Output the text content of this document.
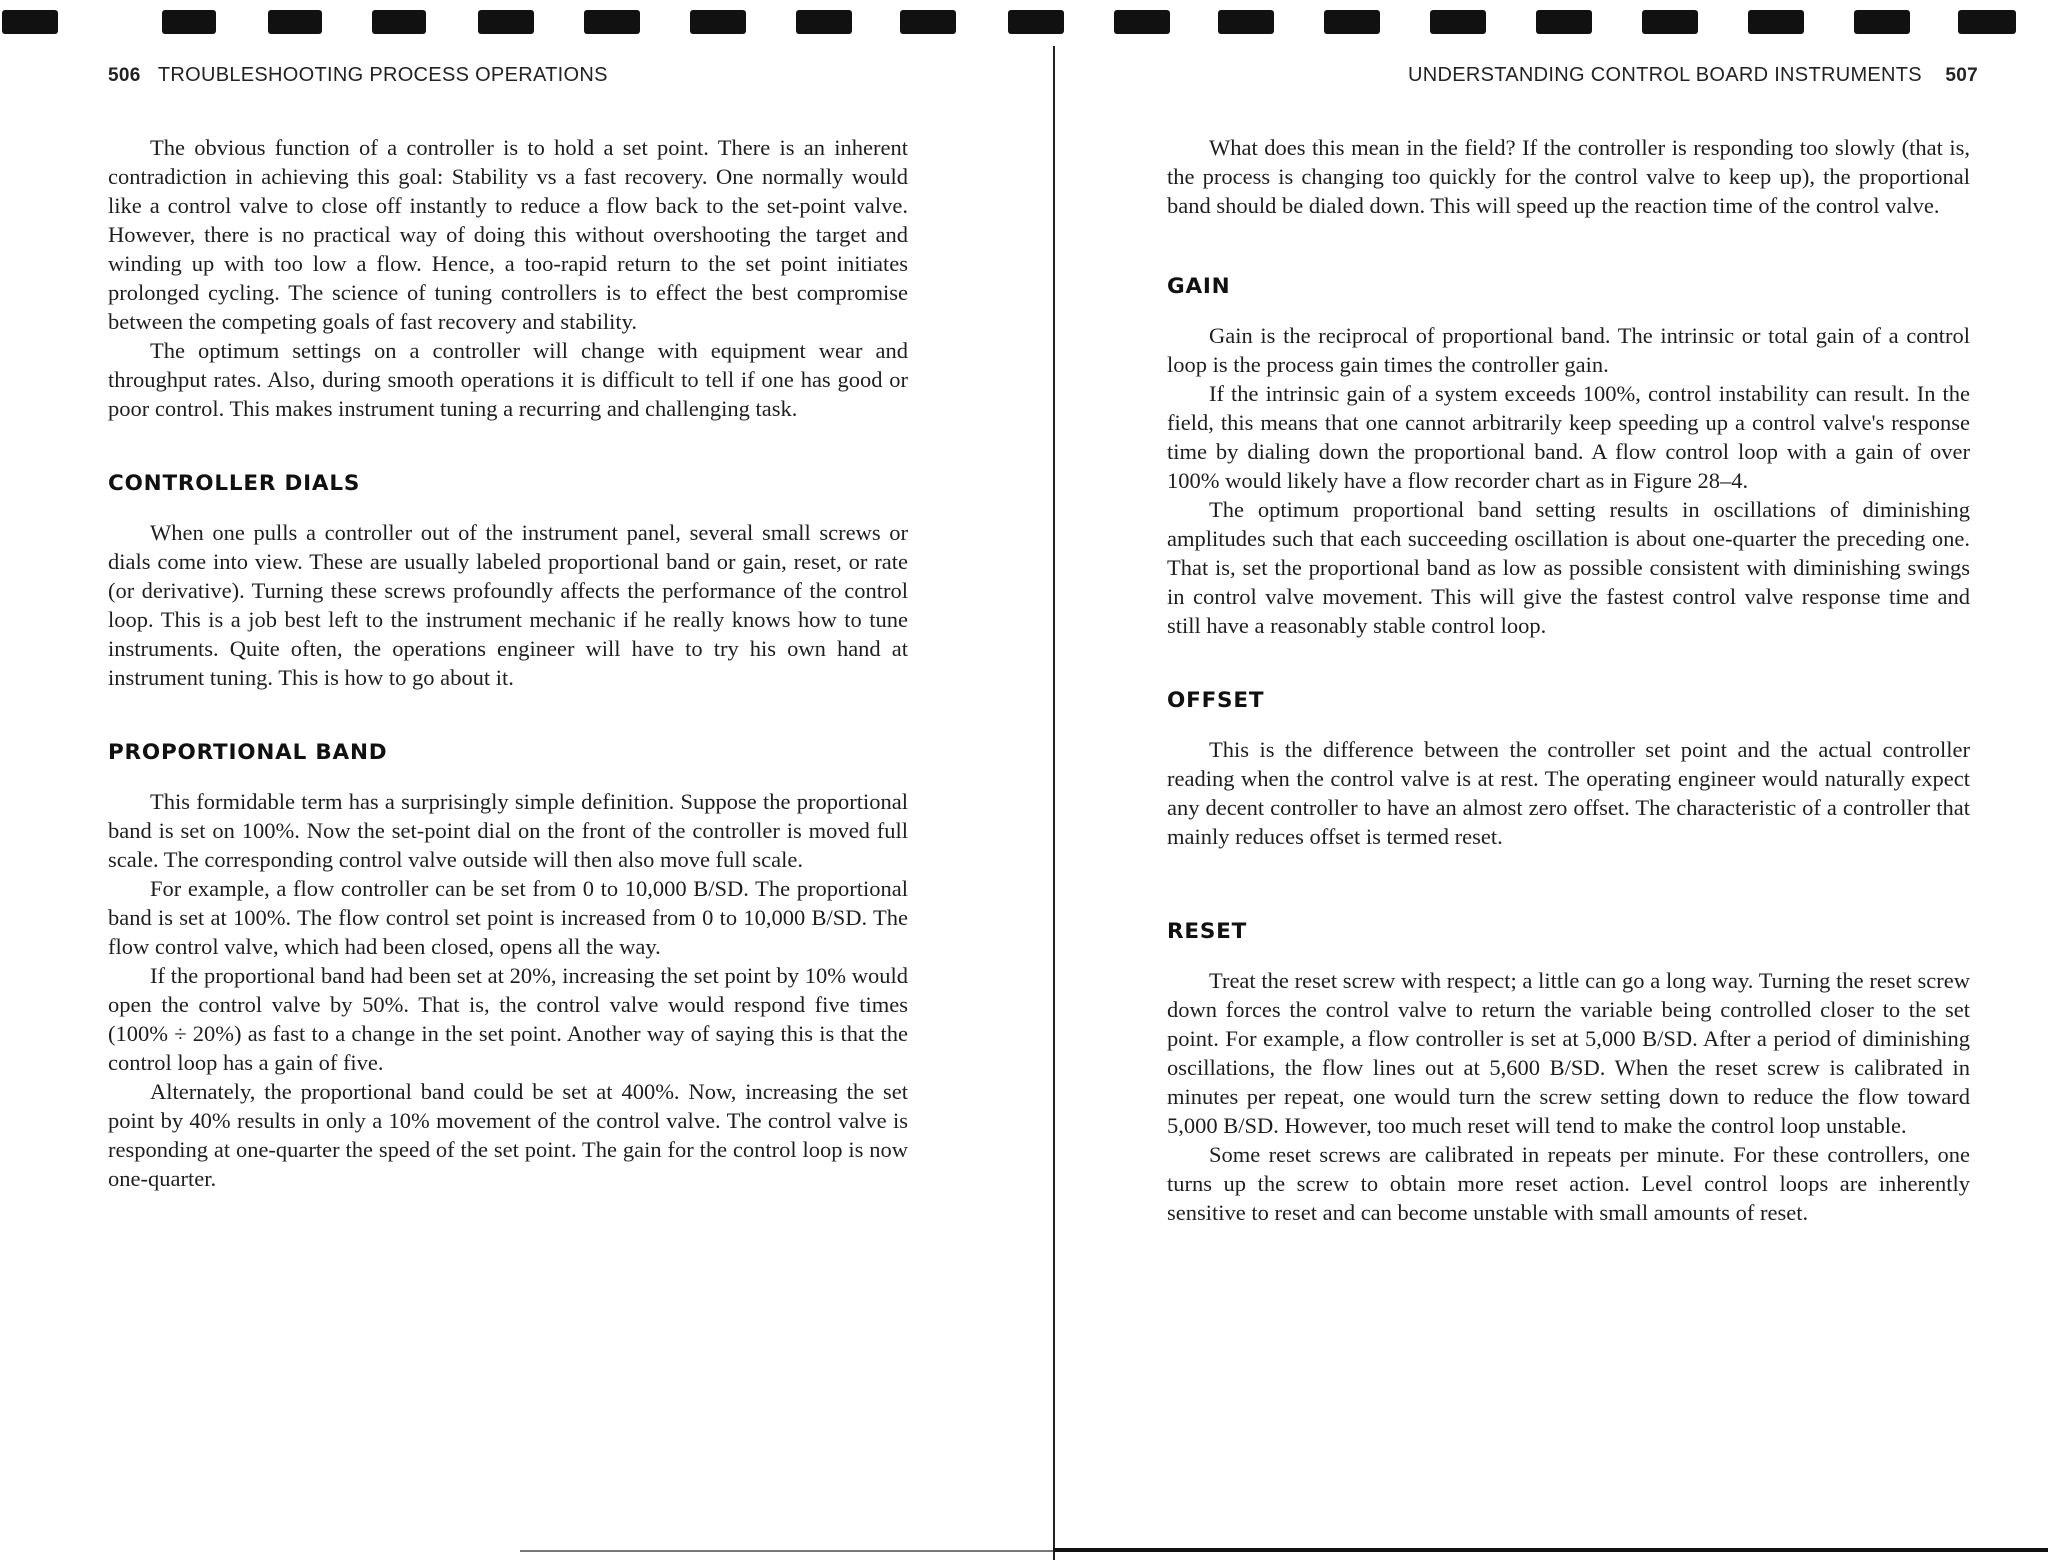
506 TROUBLESHOOTING PROCESS OPERATIONS

The obvious function of a controller is to hold a set point. There is an inherent contradiction in achieving this goal: Stability vs a fast recovery. One normally would like a control valve to close off instantly to reduce a flow back to the set-point valve. However, there is no practical way of doing this without overshooting the target and winding up with too low a flow. Hence, a too-rapid return to the set point initiates prolonged cycling. The science of tuning controllers is to effect the best compromise between the competing goals of fast recovery and stability.

The optimum settings on a controller will change with equipment wear and throughput rates. Also, during smooth operations it is difficult to tell if one has good or poor control. This makes instrument tuning a recurring and challenging task.

CONTROLLER DIALS

When one pulls a controller out of the instrument panel, several small screws or dials come into view. These are usually labeled proportional band or gain, reset, or rate (or derivative). Turning these screws profoundly affects the performance of the control loop. This is a job best left to the instrument mechanic if he really knows how to tune instruments. Quite often, the operations engineer will have to try his own hand at instrument tuning. This is how to go about it.

PROPORTIONAL BAND

This formidable term has a surprisingly simple definition. Suppose the proportional band is set on 100%. Now the set-point dial on the front of the controller is moved full scale. The corresponding control valve outside will then also move full scale.

For example, a flow controller can be set from 0 to 10,000 B/SD. The proportional band is set at 100%. The flow control set point is increased from 0 to 10,000 B/SD. The flow control valve, which had been closed, opens all the way.

If the proportional band had been set at 20%, increasing the set point by 10% would open the control valve by 50%. That is, the control valve would respond five times (100% ÷ 20%) as fast to a change in the set point. Another way of saying this is that the control loop has a gain of five.

Alternately, the proportional band could be set at 400%. Now, increasing the set point by 40% results in only a 10% movement of the control valve. The control valve is responding at one-quarter the speed of the set point. The gain for the control loop is now one-quarter.

UNDERSTANDING CONTROL BOARD INSTRUMENTS 507

What does this mean in the field? If the controller is responding too slowly (that is, the process is changing too quickly for the control valve to keep up), the proportional band should be dialed down. This will speed up the reaction time of the control valve.

GAIN

Gain is the reciprocal of proportional band. The intrinsic or total gain of a control loop is the process gain times the controller gain.

If the intrinsic gain of a system exceeds 100%, control instability can result. In the field, this means that one cannot arbitrarily keep speeding up a control valve's response time by dialing down the proportional band. A flow control loop with a gain of over 100% would likely have a flow recorder chart as in Figure 28–4.

The optimum proportional band setting results in oscillations of diminishing amplitudes such that each succeeding oscillation is about one-quarter the preceding one. That is, set the proportional band as low as possible consistent with diminishing swings in control valve movement. This will give the fastest control valve response time and still have a reasonably stable control loop.

OFFSET

This is the difference between the controller set point and the actual controller reading when the control valve is at rest. The operating engineer would naturally expect any decent controller to have an almost zero offset. The characteristic of a controller that mainly reduces offset is termed reset.

RESET

Treat the reset screw with respect; a little can go a long way. Turning the reset screw down forces the control valve to return the variable being controlled closer to the set point. For example, a flow controller is set at 5,000 B/SD. After a period of diminishing oscillations, the flow lines out at 5,600 B/SD. When the reset screw is calibrated in minutes per repeat, one would turn the screw setting down to reduce the flow toward 5,000 B/SD. However, too much reset will tend to make the control loop unstable.

Some reset screws are calibrated in repeats per minute. For these controllers, one turns up the screw to obtain more reset action. Level control loops are inherently sensitive to reset and can become unstable with small amounts of reset.
